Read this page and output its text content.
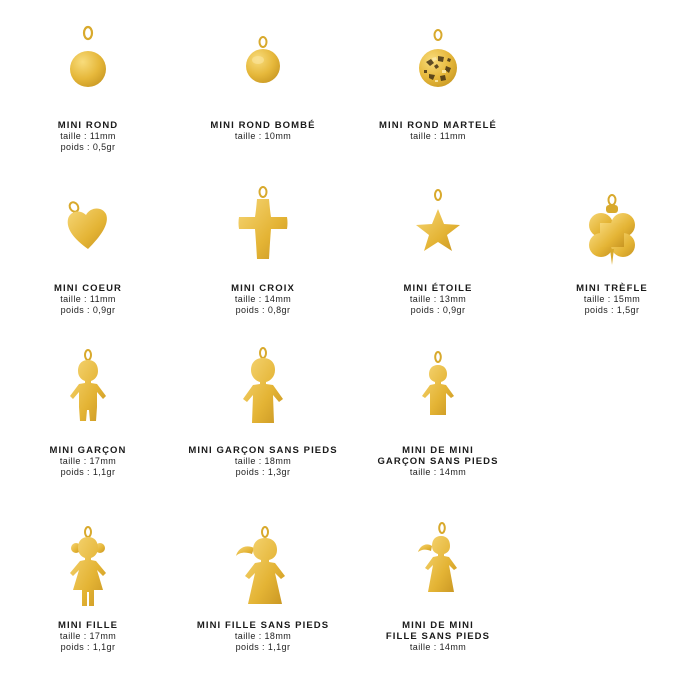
MINI ROND
taille : 11mm
poids : 0,5gr
MINI ROND BOMBÉ
taille : 10mm
MINI ROND MARTELÉ
taille : 11mm
MINI COEUR
taille : 11mm
poids : 0,9gr
MINI CROIX
taille : 14mm
poids : 0,8gr
MINI ÉTOILE
taille : 13mm
poids : 0,9gr
MINI TRÈFLE
taille : 15mm
poids : 1,5gr
MINI GARÇON
taille : 17mm
poids : 1,1gr
MINI GARÇON SANS PIEDS
taille : 18mm
poids : 1,3gr
MINI DE MINI
GARÇON SANS PIEDS
taille : 14mm
MINI FILLE
taille : 17mm
poids : 1,1gr
MINI FILLE SANS PIEDS
taille : 18mm
poids : 1,1gr
MINI DE MINI
FILLE SANS PIEDS
taille : 14mm
